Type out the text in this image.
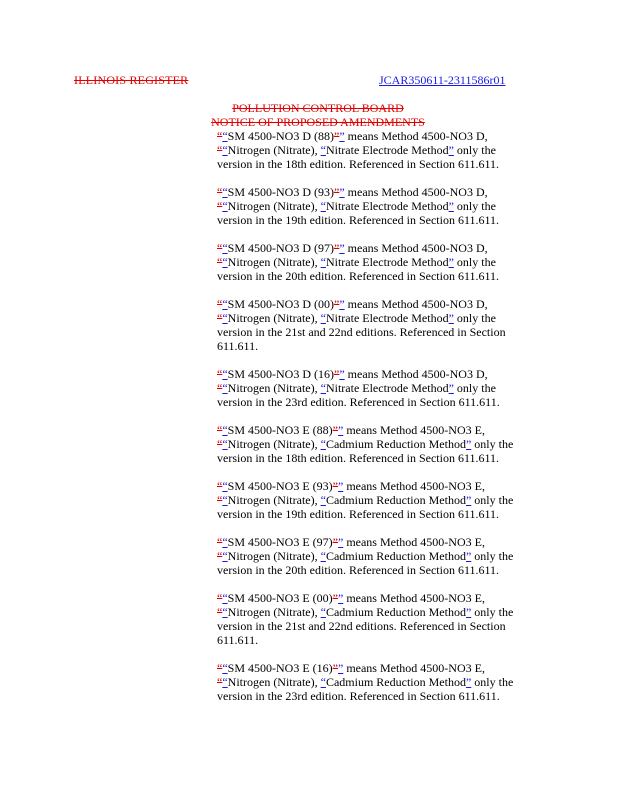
ILLINOIS REGISTER	JCAR350611-2311586r01
POLLUTION CONTROL BOARD
NOTICE OF PROPOSED AMENDMENTS
““SM 4500-NO3 D (88)”” means Method 4500-NO3 D,
““Nitrogen (Nitrate), “Nitrate Electrode Method” only the
version in the 18th edition. Referenced in Section 611.611.
““SM 4500-NO3 D (93)”” means Method 4500-NO3 D,
““Nitrogen (Nitrate), “Nitrate Electrode Method” only the
version in the 19th edition. Referenced in Section 611.611.
““SM 4500-NO3 D (97)”” means Method 4500-NO3 D,
““Nitrogen (Nitrate), “Nitrate Electrode Method” only the
version in the 20th edition. Referenced in Section 611.611.
““SM 4500-NO3 D (00)”” means Method 4500-NO3 D,
““Nitrogen (Nitrate), “Nitrate Electrode Method” only the
version in the 21st and 22nd editions. Referenced in Section
611.611.
““SM 4500-NO3 D (16)”” means Method 4500-NO3 D,
““Nitrogen (Nitrate), “Nitrate Electrode Method” only the
version in the 23rd edition. Referenced in Section 611.611.
““SM 4500-NO3 E (88)”” means Method 4500-NO3 E,
““Nitrogen (Nitrate), “Cadmium Reduction Method” only the
version in the 18th edition. Referenced in Section 611.611.
““SM 4500-NO3 E (93)”” means Method 4500-NO3 E,
““Nitrogen (Nitrate), “Cadmium Reduction Method” only the
version in the 19th edition. Referenced in Section 611.611.
““SM 4500-NO3 E (97)”” means Method 4500-NO3 E,
““Nitrogen (Nitrate), “Cadmium Reduction Method” only the
version in the 20th edition. Referenced in Section 611.611.
““SM 4500-NO3 E (00)”” means Method 4500-NO3 E,
““Nitrogen (Nitrate), “Cadmium Reduction Method” only the
version in the 21st and 22nd editions. Referenced in Section
611.611.
““SM 4500-NO3 E (16)”” means Method 4500-NO3 E,
““Nitrogen (Nitrate), “Cadmium Reduction Method” only the
version in the 23rd edition. Referenced in Section 611.611.
